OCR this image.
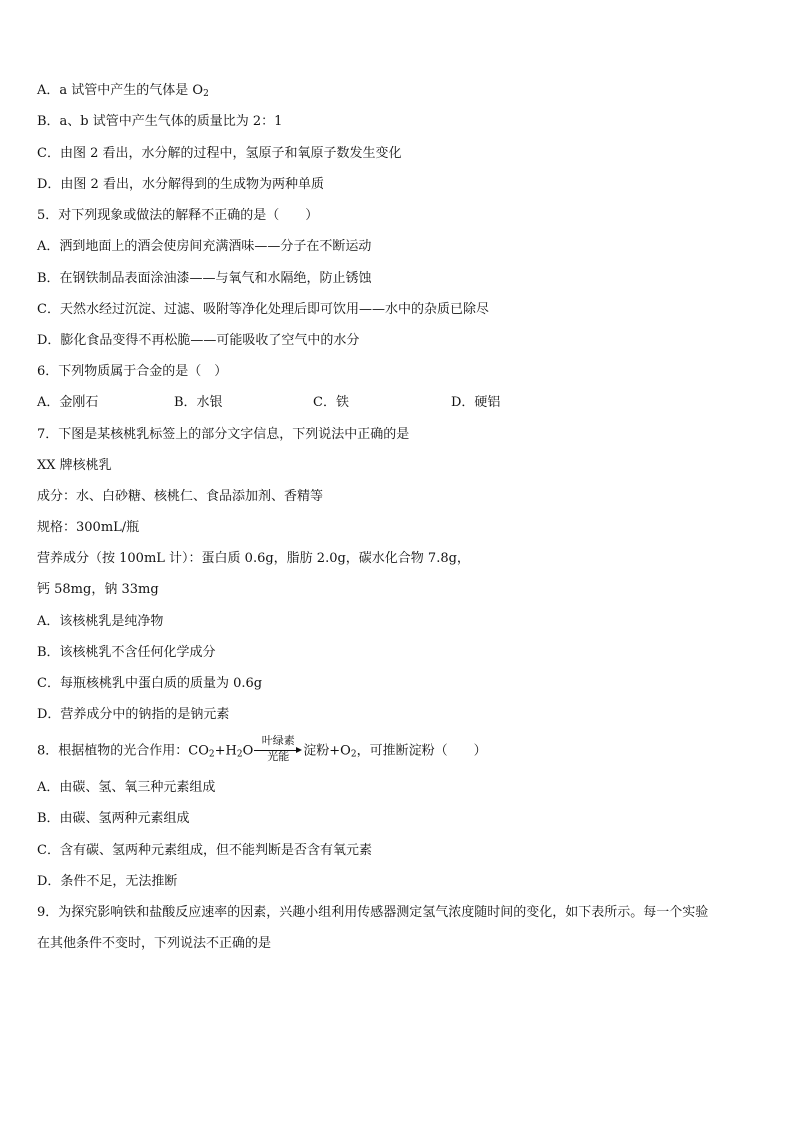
A．a 试管中产生的气体是 $O_2$
B．a、b 试管中产生气体的质量比为 2：1
C．由图 2 看出，水分解的过程中，氢原子和氧原子数发生变化
D．由图 2 看出，水分解得到的生成物为两种单质
5．对下列现象或做法的解释不正确的是（　　）
A．洒到地面上的酒会使房间充满酒味——分子在不断运动
B．在钢铁制品表面涂油漆——与氧气和水隔绝，防止锈蚀
C．天然水经过沉淀、过滤、吸附等净化处理后即可饮用——水中的杂质已除尽
D．膨化食品变得不再松脆——可能吸收了空气中的水分
6．下列物质属于合金的是（　）
A．金刚石	B．水银	C．铁	D．硬铝
7．下图是某核桃乳标签上的部分文字信息，下列说法中正确的是
XX 牌核桃乳
成分：水、白砂糖、核桃仁、食品添加剂、香精等
规格：300mL/瓶
营养成分（按 100mL 计）：蛋白质 0.6g，脂肪 2.0g，碳水化合物 7.8g，
钙 58mg，钠 33mg
A．该核桃乳是纯净物
B．该核桃乳不含任何化学成分
C．每瓶核桃乳中蛋白质的质量为 0.6g
D．营养成分中的钠指的是钠元素
8．根据植物的光合作用：$CO_2+H_2O$
叶绿素
光能	淀粉$+O_2$，可推断淀粉（　　）
A．由碳、氢、氧三种元素组成
B．由碳、氢两种元素组成
C．含有碳、氢两种元素组成，但不能判断是否含有氧元素
D．条件不足，无法推断
9．为探究影响铁和盐酸反应速率的因素，兴趣小组利用传感器测定氢气浓度随时间的变化，如下表所示。每一个实验
在其他条件不变时，下列说法不正确的是
